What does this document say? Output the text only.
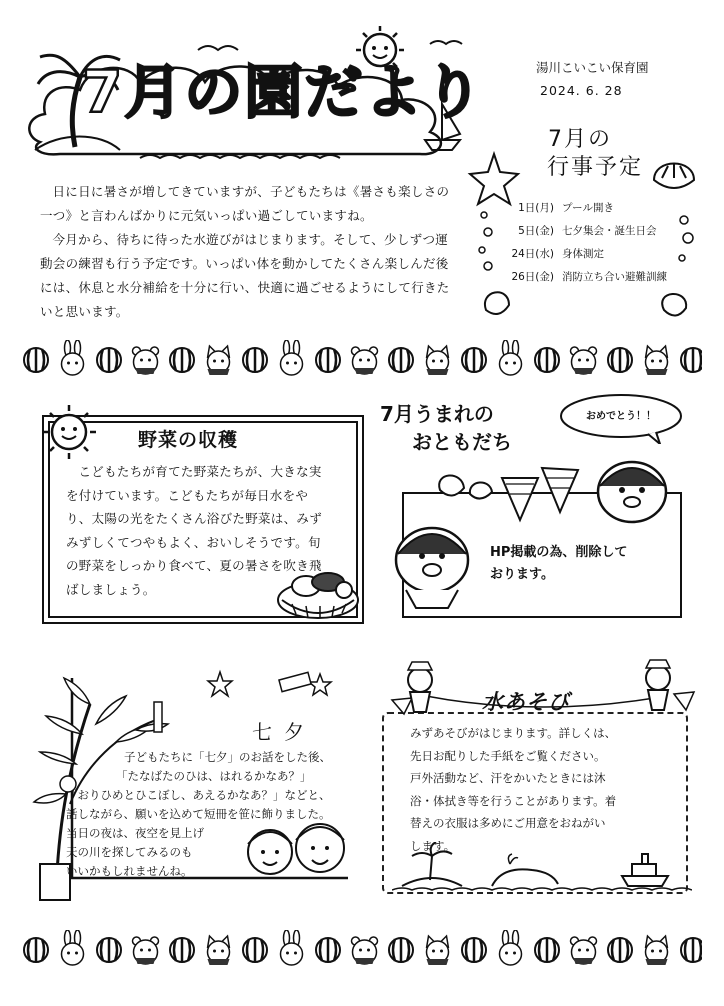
7月の園だより	湯川こいこい保育園
2024. 6. 28

日に日に暑さが増してきていますが、子どもたちは《暑さも楽しさの一つ》と言わんばかりに元気いっぱい過ごしていますね。

今月から、待ちに待った水遊びがはじまります。そして、少しずつ運動会の練習も行う予定です。いっぱい体を動かしてたくさん楽しんだ後には、休息と水分補給を十分に行い、快適に過ごせるようにして行きたいと思います。

7月の
行事予定
1日(月) プール開き
5日(金) 七夕集会・誕生日会
24日(水) 身体測定
26日(金) 消防立ち合い避難訓練
野菜の収穫
こどもたちが育てた野菜たちが、大きな実を付けています。こどもたちが毎日水をやり、太陽の光をたくさん浴びた野菜は、みずみずしくてつやもよく、おいしそうです。旬の野菜をしっかり食べて、夏の暑さを吹き飛ばしましょう。
7月うまれの
おともだち
おめでとう！！
HP掲載の為、削除しております。
七夕
子どもたちに「七夕」のお話をした後、
「たなばたのひは、はれるかなあ？」
「おりひめとひこぼし、あえるかなあ？」などと、
話しながら、願いを込めて短冊を笹に飾りました。
当日の夜は、夜空を見上げ
天の川を探してみるのも
いいかもしれませんね。
水あそび
みずあそびがはじまります。詳しくは、
先日お配りした手紙をご覧ください。
戸外活動など、汗をかいたときには沐
浴・体拭き等を行うことがあります。着
替えの衣服は多めにご用意をおねがい
します。
